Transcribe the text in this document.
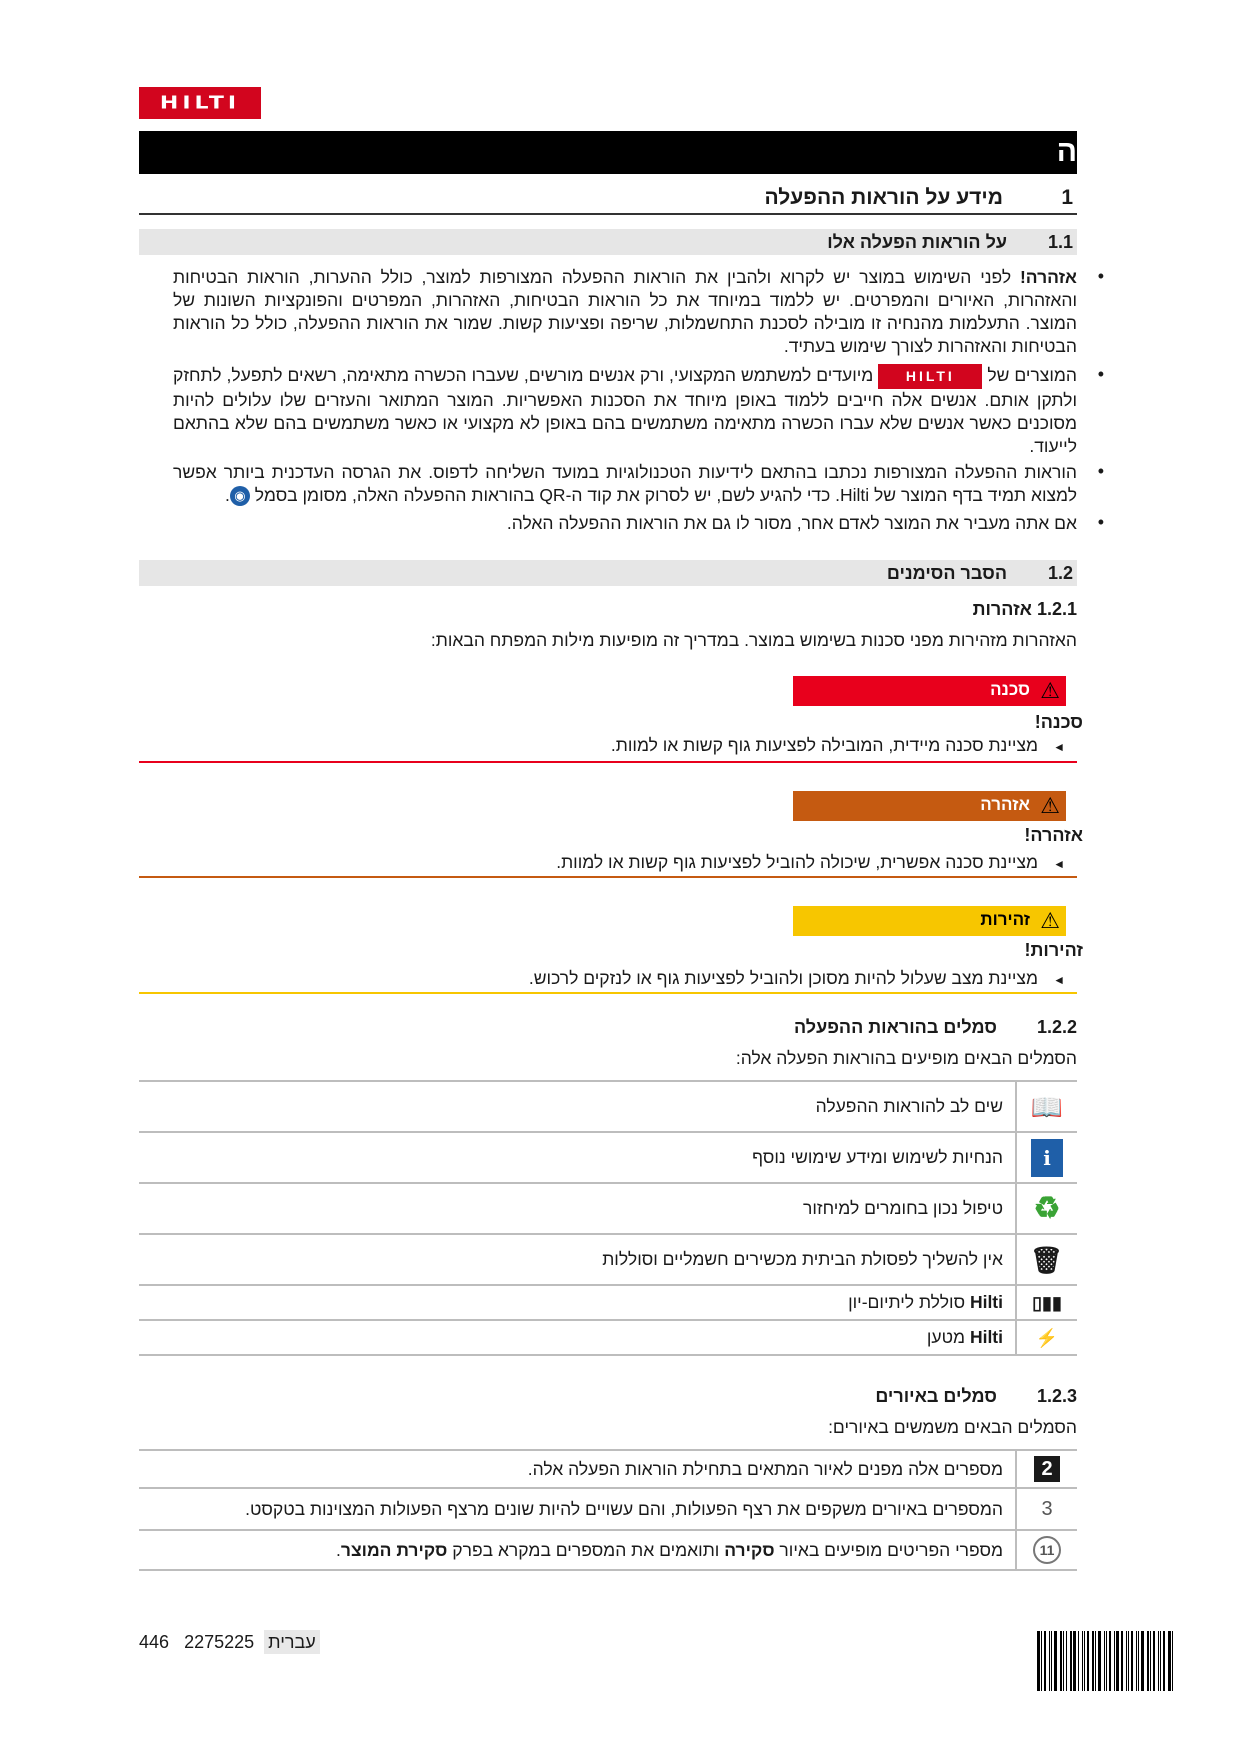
HILTI
ה
1
מידע על הוראות ההפעלה
1.1
על הוראות הפעלה אלו
•
אזהרה! לפני השימוש במוצר יש לקרוא ולהבין את הוראות ההפעלה המצורפות למוצר, כולל ההערות, הוראות הבטיחות והאזהרות, האיורים והמפרטים. יש ללמוד במיוחד את כל הוראות הבטיחות, האזהרות, המפרטים והפונקציות השונות של המוצר. התעלמות מהנחיה זו מובילה לסכנת התחשמלות, שריפה ופציעות קשות. שמור את הוראות ההפעלה, כולל כל הוראות הבטיחות והאזהרות לצורך שימוש בעתיד.
•
המוצרים של HILTI מיועדים למשתמש המקצועי, ורק אנשים מורשים, שעברו הכשרה מתאימה, רשאים לתפעל, לתחזק ולתקן אותם. אנשים אלה חייבים ללמוד באופן מיוחד את הסכנות האפשריות. המוצר המתואר והעזרים שלו עלולים להיות מסוכנים כאשר אנשים שלא עברו הכשרה מתאימה משתמשים בהם באופן לא מקצועי או כאשר משתמשים בהם שלא בהתאם לייעוד.
•
הוראות ההפעלה המצורפות נכתבו בהתאם לידיעות הטכנולוגיות במועד השליחה לדפוס. את הגרסה העדכנית ביותר אפשר למצוא תמיד בדף המוצר של Hilti. כדי להגיע לשם, יש לסרוק את קוד ה-QR בהוראות ההפעלה האלה, מסומן בסמל ◉.
•
אם אתה מעביר את המוצר לאדם אחר, מסור לו גם את הוראות ההפעלה האלה.
1.2
הסבר הסימנים
1.2.1 אזהרות
האזהרות מזהירות מפני סכנות בשימוש במוצר. במדריך זה מופיעות מילות המפתח הבאות:
⚠
סכנה
סכנה!
◄
מציינת סכנה מיידית, המובילה לפציעות גוף קשות או למוות.
⚠
אזהרה
אזהרה!
◄
מציינת סכנה אפשרית, שיכולה להוביל לפציעות גוף קשות או למוות.
⚠
זהירות
זהירות!
◄
מציינת מצב שעלול להיות מסוכן ולהוביל לפציעות גוף או לנזקים לרכוש.
1.2.2
סמלים בהוראות ההפעלה
הסמלים הבאים מופיעים בהוראות הפעלה אלה:
📖	שים לב להוראות ההפעלה
i	הנחיות לשימוש ומידע שימושי נוסף
♻	טיפול נכון בחומרים למיחזור
🗑	אין להשליך לפסולת הביתית מכשירים חשמליים וסוללות
▮▮▯	Hilti סוללת ליתיום-יון
⚡	Hilti מטען
1.2.3
סמלים באיורים
הסמלים הבאים משמשים באיורים:
2	מספרים אלה מפנים לאיור המתאים בתחילת הוראות הפעלה אלה.
3	המספרים באיורים משקפים את רצף הפעולות, והם עשויים להיות שונים מרצף הפעולות המצוינות בטקסט.
11	מספרי הפריטים מופיעים באיור סקירה ותואמים את המספרים במקרא בפרק סקירת המוצר.
446	עברית  2275225
